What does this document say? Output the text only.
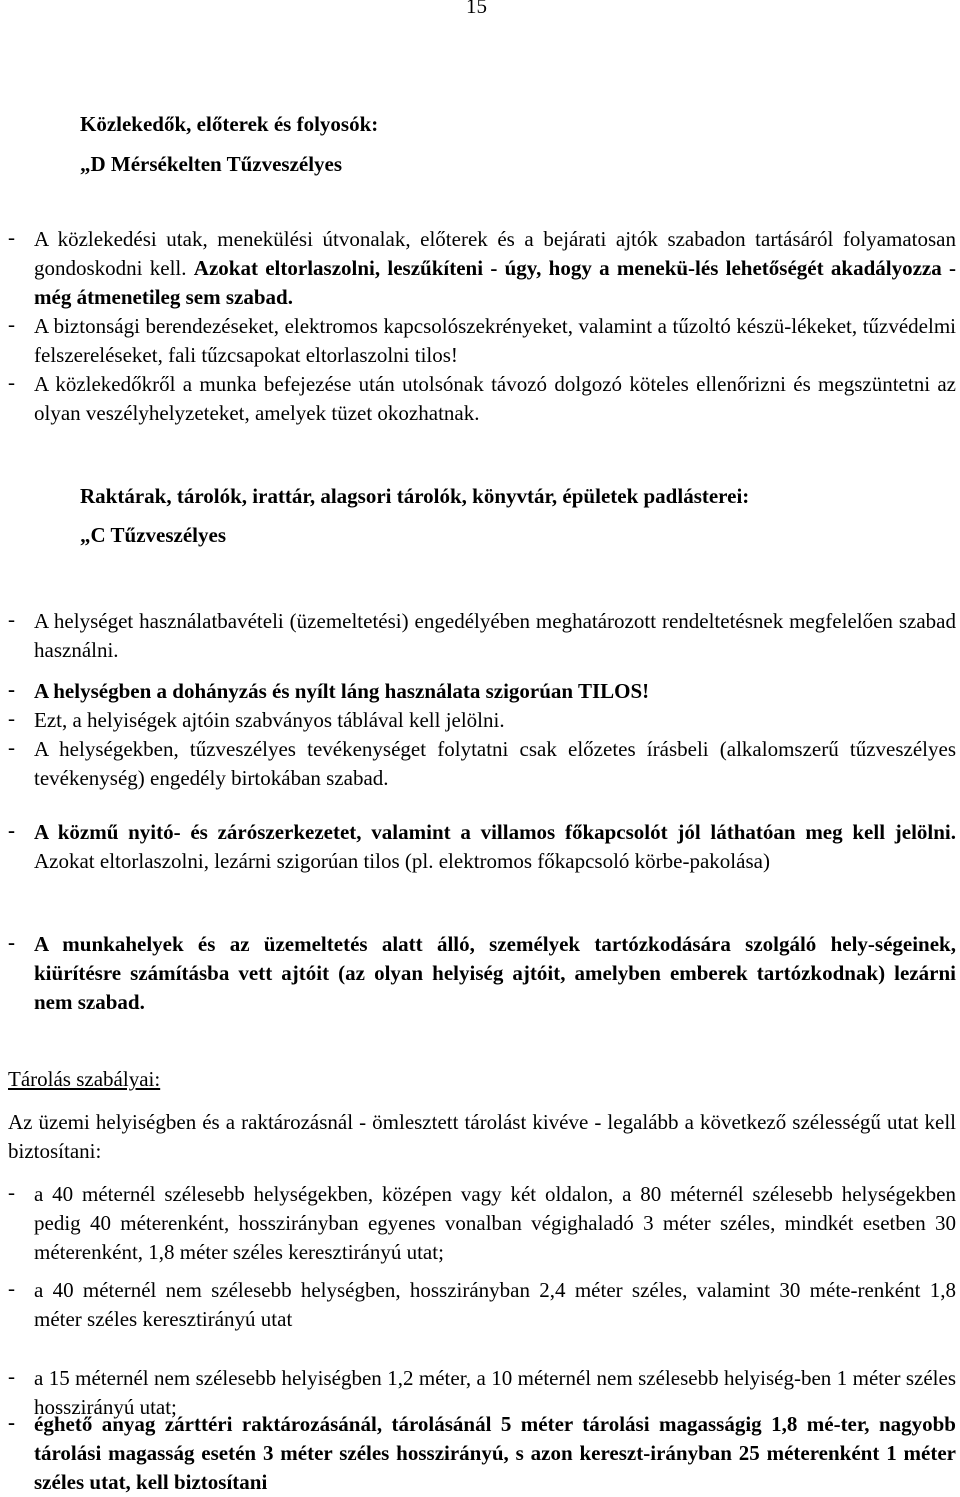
15
Közlekedők, előterek és folyosók:
„D Mérsékelten Tűzveszélyes
- A közlekedési utak, menekülési útvonalak, előterek és a bejárati ajtók szabadon tartásáról folyamatosan gondoskodni kell. Azokat eltorlaszolni, leszűkíteni - úgy, hogy a menekü-lés lehetőségét akadályozza - még átmenetileg sem szabad.
- A biztonsági berendezéseket, elektromos kapcsolószekrényeket, valamint a tűzoltó készü-lékeket, tűzvédelmi felszereléseket, fali tűzcsapokat eltorlaszolni tilos!
- A közlekedőkről a munka befejezése után utolsónak távozó dolgozó köteles ellenőrizni és megszüntetni az olyan veszélyhelyzeteket, amelyek tüzet okozhatnak.
Raktárak, tárolók, irattár, alagsori tárolók, könyvtár, épületek padlásterei:
„C Tűzveszélyes
- A helységet használatbavételi (üzemeltetési) engedélyében meghatározott rendeltetésnek megfelelően szabad használni.
- A helységben a dohányzás és nyílt láng használata szigorúan TILOS!
- Ezt, a helyiségek ajtóin szabványos táblával kell jelölni.
- A helységekben, tűzveszélyes tevékenységet folytatni csak előzetes írásbeli (alkalomszerű tűzveszélyes tevékenység) engedély birtokában szabad.
- A közmű nyitó- és zárószerkezetet, valamint a villamos főkapcsolót jól láthatóan meg kell jelölni. Azokat eltorlaszolni, lezárni szigorúan tilos (pl. elektromos főkapcsoló körbe-pakolása)
- A munkahelyek és az üzemeltetés alatt álló, személyek tartózkodására szolgáló hely-ségeinek, kiürítésre számításba vett ajtóit (az olyan helyiség ajtóit, amelyben emberek tartózkodnak) lezárni nem szabad.
Tárolás szabályai:
Az üzemi helyiségben és a raktározásnál - ömlesztett tárolást kivéve - legalább a következő szélességű utat kell biztosítani:
- a 40 méternél szélesebb helységekben, középen vagy két oldalon, a 80 méternél szélesebb helységekben pedig 40 méterenként, hosszirányban egyenes vonalban végighaladó 3 méter széles, mindkét esetben 30 méterenként, 1,8 méter széles keresztirányú utat;
- a 40 méternél nem szélesebb helységben, hosszirányban 2,4 méter széles, valamint 30 méte-renként 1,8 méter széles keresztirányú utat
- a 15 méternél nem szélesebb helyiségben 1,2 méter, a 10 méternél nem szélesebb helyiség-ben 1 méter széles hosszirányú utat;
- éghető anyag zárttéri raktározásánál, tárolásánál 5 méter tárolási magasságig 1,8 mé-ter, nagyobb tárolási magasság esetén 3 méter széles hosszirányú, s azon kereszt-irányban 25 méterenként 1 méter széles utat, kell biztosítani
